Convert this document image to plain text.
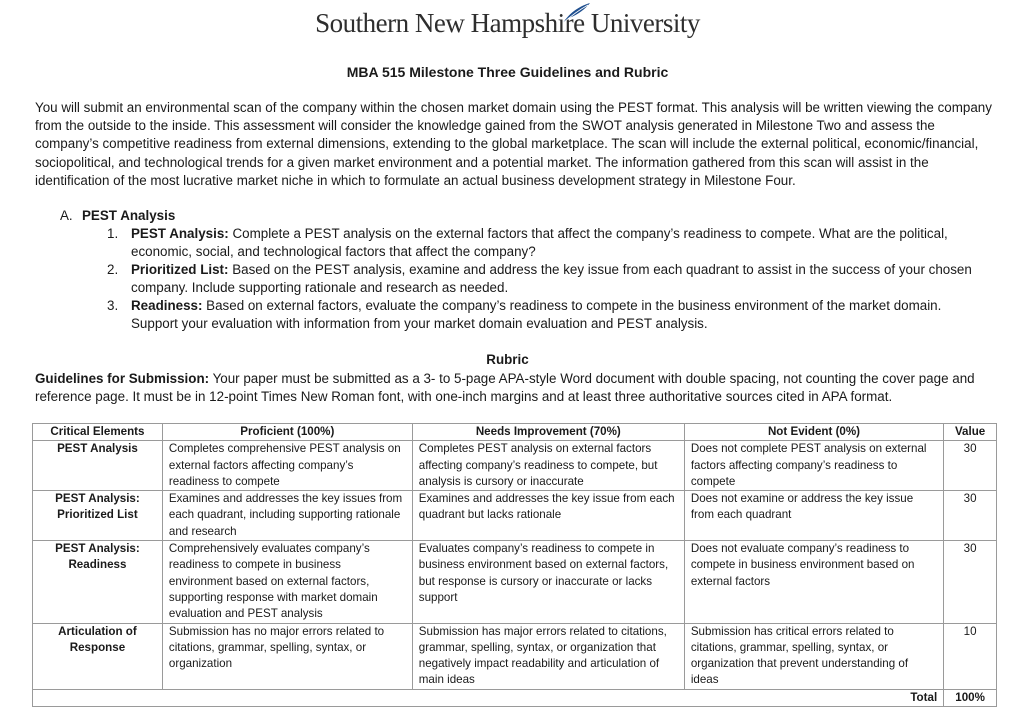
Southern New Hampshire University
MBA 515 Milestone Three Guidelines and Rubric
You will submit an environmental scan of the company within the chosen market domain using the PEST format. This analysis will be written viewing the company from the outside to the inside. This assessment will consider the knowledge gained from the SWOT analysis generated in Milestone Two and assess the company’s competitive readiness from external dimensions, extending to the global marketplace. The scan will include the external political, economic/financial, sociopolitical, and technological trends for a given market environment and a potential market. The information gathered from this scan will assist in the identification of the most lucrative market niche in which to formulate an actual business development strategy in Milestone Four.
A. PEST Analysis
1. PEST Analysis: Complete a PEST analysis on the external factors that affect the company’s readiness to compete. What are the political, economic, social, and technological factors that affect the company?
2. Prioritized List: Based on the PEST analysis, examine and address the key issue from each quadrant to assist in the success of your chosen company. Include supporting rationale and research as needed.
3. Readiness: Based on external factors, evaluate the company’s readiness to compete in the business environment of the market domain. Support your evaluation with information from your market domain evaluation and PEST analysis.
Rubric
Guidelines for Submission: Your paper must be submitted as a 3- to 5-page APA-style Word document with double spacing, not counting the cover page and reference page. It must be in 12-point Times New Roman font, with one-inch margins and at least three authoritative sources cited in APA format.
Critical Elements	Proficient (100%)	Needs Improvement (70%)	Not Evident (0%)	Value
PEST Analysis	Completes comprehensive PEST analysis on external factors affecting company’s readiness to compete	Completes PEST analysis on external factors affecting company’s readiness to compete, but analysis is cursory or inaccurate	Does not complete PEST analysis on external factors affecting company’s readiness to compete	30
PEST Analysis: Prioritized List	Examines and addresses the key issues from each quadrant, including supporting rationale and research	Examines and addresses the key issue from each quadrant but lacks rationale	Does not examine or address the key issue from each quadrant	30
PEST Analysis: Readiness	Comprehensively evaluates company’s readiness to compete in business environment based on external factors, supporting response with market domain evaluation and PEST analysis	Evaluates company’s readiness to compete in business environment based on external factors, but response is cursory or inaccurate or lacks support	Does not evaluate company’s readiness to compete in business environment based on external factors	30
Articulation of Response	Submission has no major errors related to citations, grammar, spelling, syntax, or organization	Submission has major errors related to citations, grammar, spelling, syntax, or organization that negatively impact readability and articulation of main ideas	Submission has critical errors related to citations, grammar, spelling, syntax, or organization that prevent understanding of ideas	10
Total				100%
